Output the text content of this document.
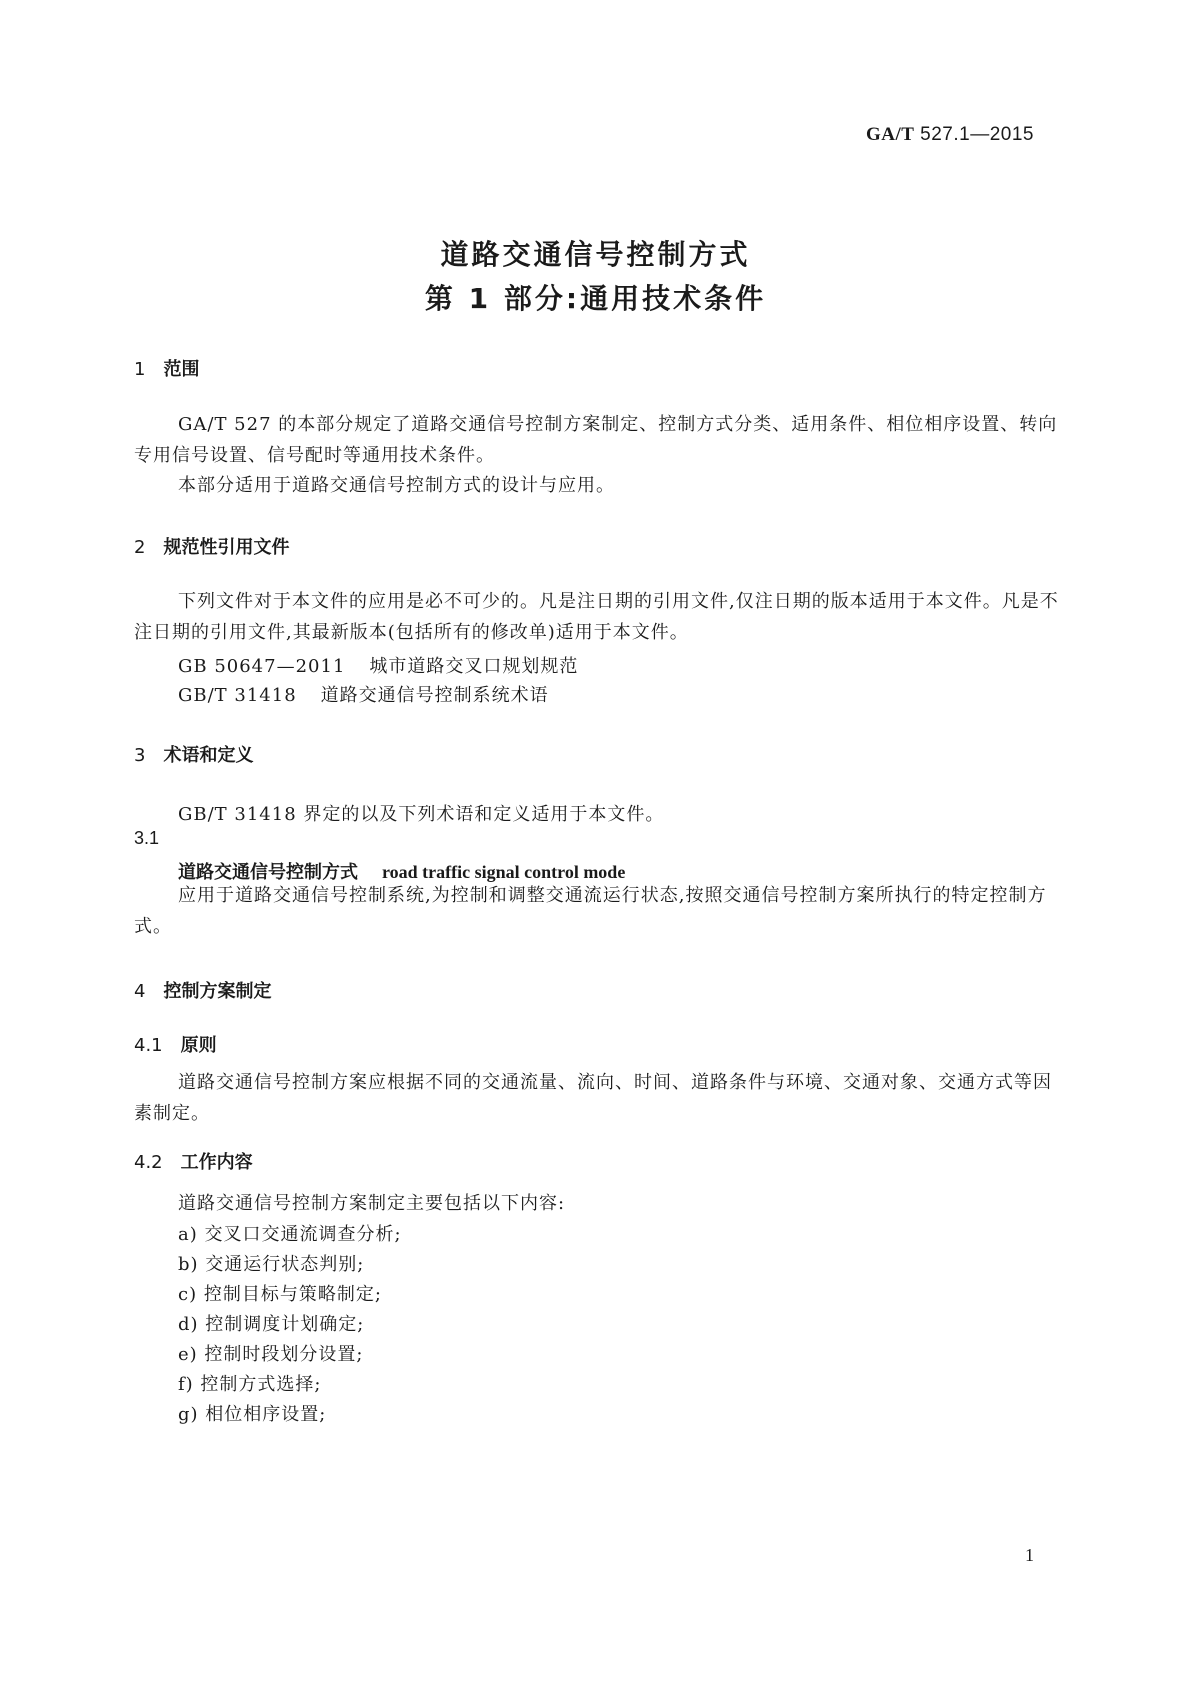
GA/T 527.1—2015
道路交通信号控制方式
第 1 部分:通用技术条件
1 范围
GA/T 527 的本部分规定了道路交通信号控制方案制定、控制方式分类、适用条件、相位相序设置、转向专用信号设置、信号配时等通用技术条件。
本部分适用于道路交通信号控制方式的设计与应用。
2 规范性引用文件
下列文件对于本文件的应用是必不可少的。凡是注日期的引用文件,仅注日期的版本适用于本文件。凡是不注日期的引用文件,其最新版本(包括所有的修改单)适用于本文件。
GB 50647—2011 城市道路交叉口规划规范
GB/T 31418 道路交通信号控制系统术语
3 术语和定义
GB/T 31418 界定的以及下列术语和定义适用于本文件。
3.1
道路交通信号控制方式 road traffic signal control mode
应用于道路交通信号控制系统,为控制和调整交通流运行状态,按照交通信号控制方案所执行的特定控制方式。
4 控制方案制定
4.1 原则
道路交通信号控制方案应根据不同的交通流量、流向、时间、道路条件与环境、交通对象、交通方式等因素制定。
4.2 工作内容
道路交通信号控制方案制定主要包括以下内容:
a) 交叉口交通流调查分析;
b) 交通运行状态判别;
c) 控制目标与策略制定;
d) 控制调度计划确定;
e) 控制时段划分设置;
f) 控制方式选择;
g) 相位相序设置;
1
